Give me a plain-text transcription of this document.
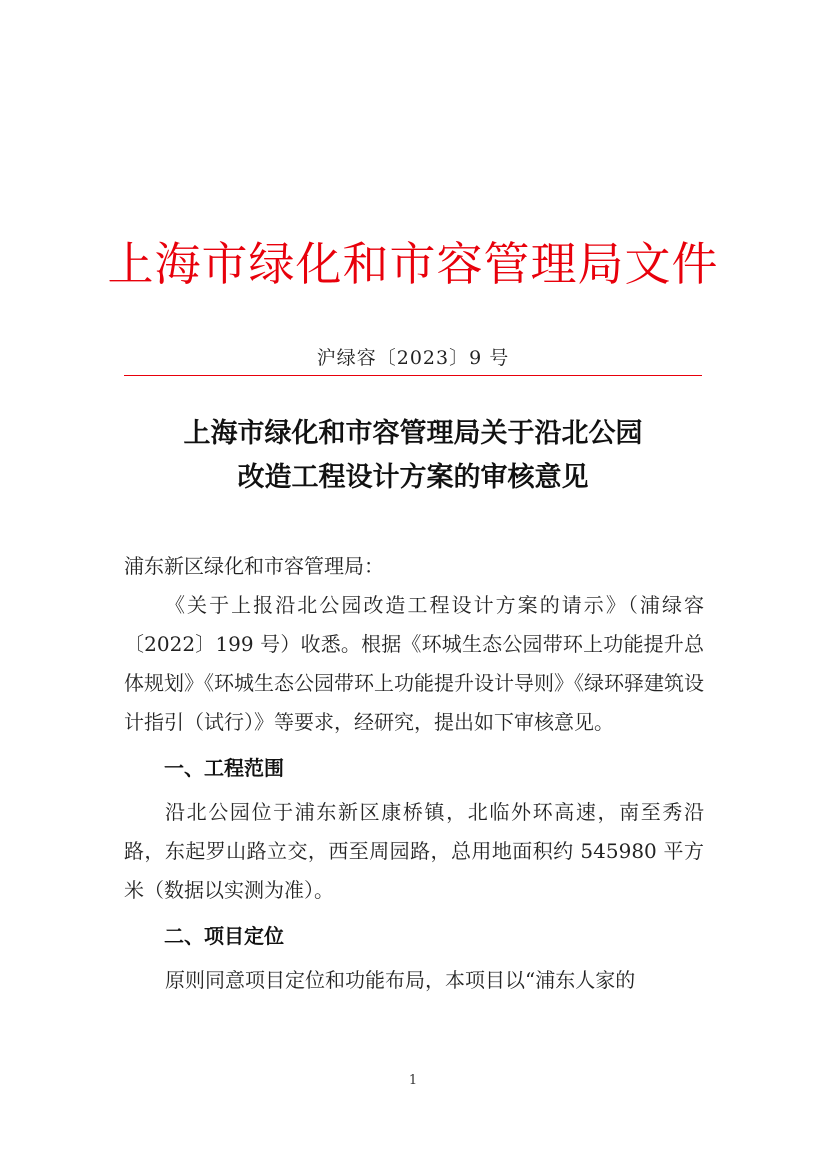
上海市绿化和市容管理局文件
沪绿容〔2023〕9 号
上海市绿化和市容管理局关于沿北公园
改造工程设计方案的审核意见

浦东新区绿化和市容管理局：

《关于上报沿北公园改造工程设计方案的请示》（浦绿容〔2022〕199 号）收悉。根据《环城生态公园带环上功能提升总体规划》《环城生态公园带环上功能提升设计导则》《绿环驿建筑设计指引（试行）》等要求，经研究，提出如下审核意见。

一、工程范围

沿北公园位于浦东新区康桥镇，北临外环高速，南至秀沿路，东起罗山路立交，西至周园路，总用地面积约 545980 平方米（数据以实测为准）。

二、项目定位

原则同意项目定位和功能布局，本项目以“浦东人家的

1
